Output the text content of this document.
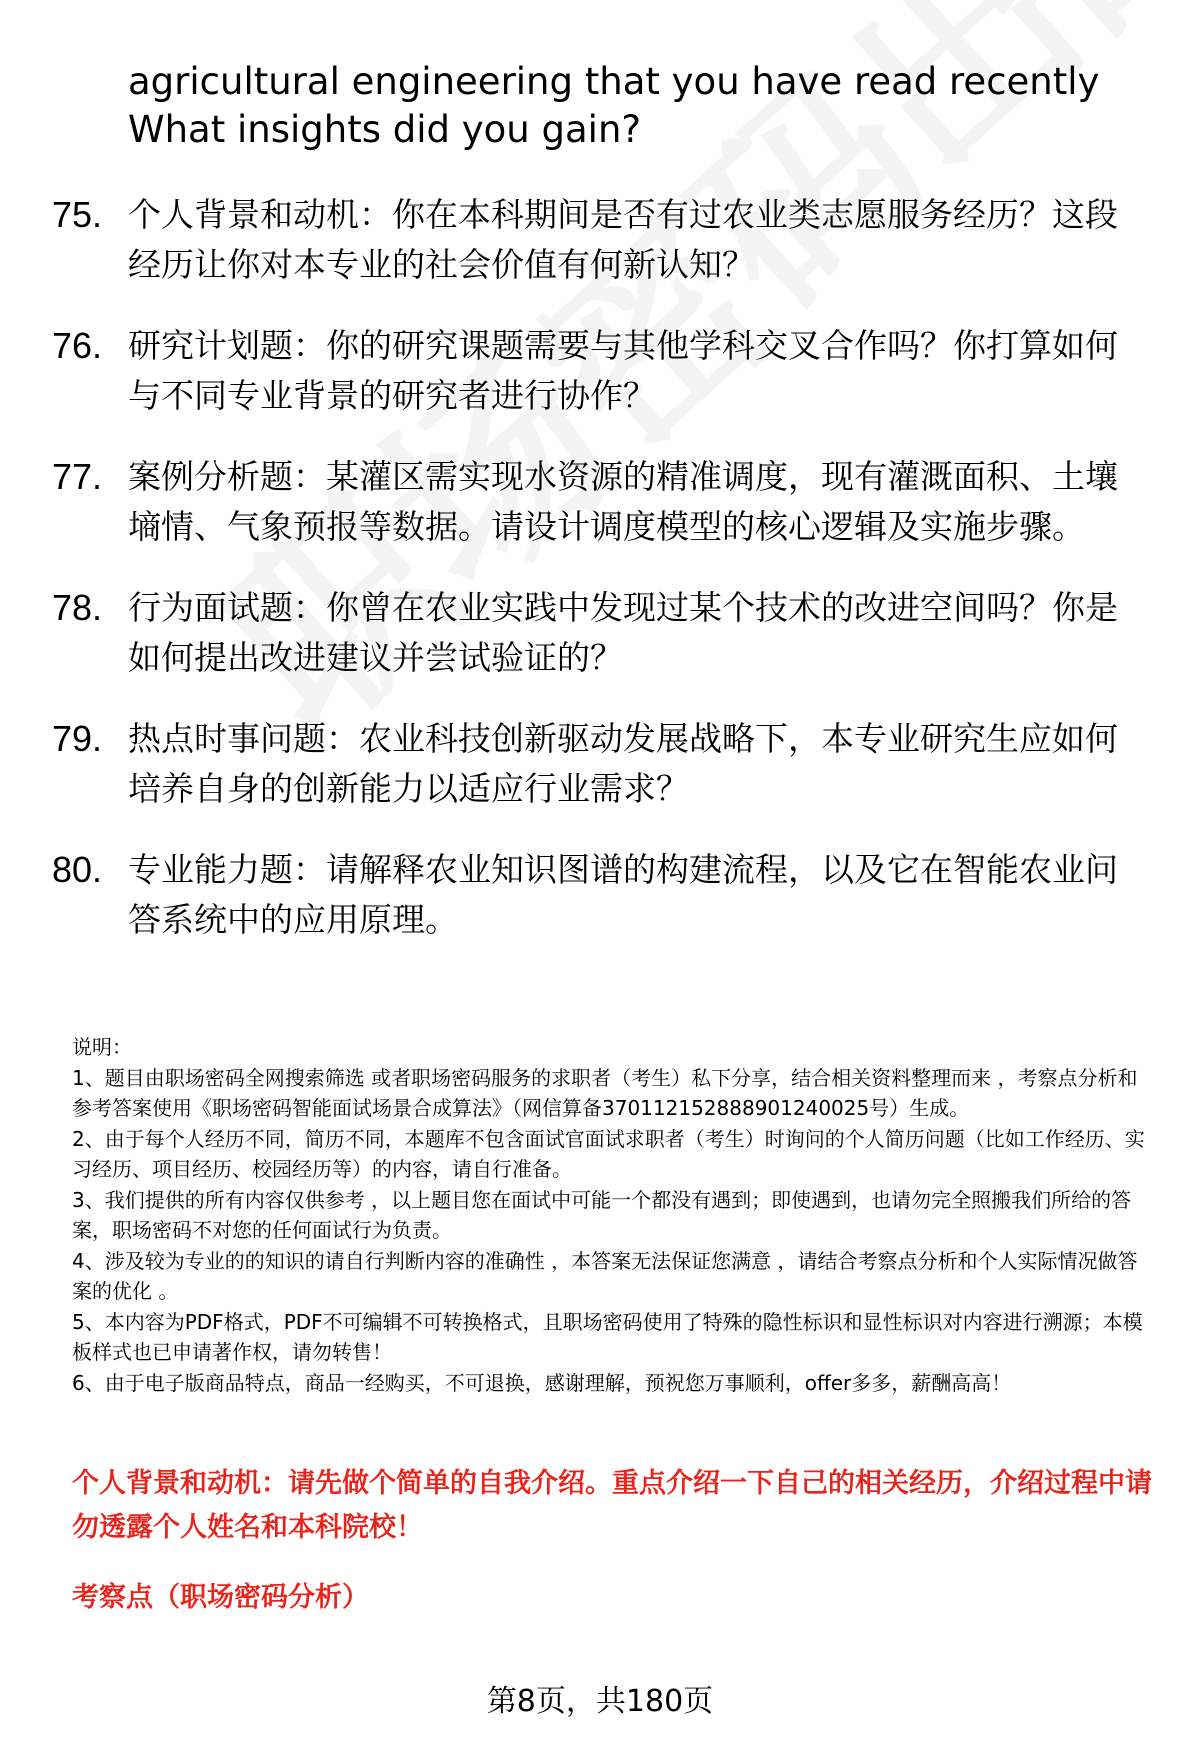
agricultural engineering that you have read recently What insights did you gain?
75. 个人背景和动机：你在本科期间是否有过农业类志愿服务经历？这段经历让你对本专业的社会价值有何新认知？
76. 研究计划题：你的研究课题需要与其他学科交叉合作吗？你打算如何与不同专业背景的研究者进行协作？
77. 案例分析题：某灌区需实现水资源的精准调度，现有灌溉面积、土壤墒情、气象预报等数据。请设计调度模型的核心逻辑及实施步骤。
78. 行为面试题：你曾在农业实践中发现过某个技术的改进空间吗？你是如何提出改进建议并尝试验证的？
79. 热点时事问题：农业科技创新驱动发展战略下，本专业研究生应如何培养自身的创新能力以适应行业需求？
80. 专业能力题：请解释农业知识图谱的构建流程，以及它在智能农业问答系统中的应用原理。

说明：

1、题目由职场密码全网搜索筛选 或者职场密码服务的求职者（考生）私下分享，结合相关资料整理而来 ，考察点分析和参考答案使用《职场密码智能面试场景合成算法》（网信算备370112152888901240025号）生成。

2、由于每个人经历不同，简历不同，本题库不包含面试官面试求职者（考生）时询问的个人简历问题（比如工作经历、实习经历、项目经历、校园经历等）的内容，请自行准备。

3、我们提供的所有内容仅供参考 ，以上题目您在面试中可能一个都没有遇到；即使遇到，也请勿完全照搬我们所给的答案，职场密码不对您的任何面试行为负责。

4、涉及较为专业的的知识的请自行判断内容的准确性 ，本答案无法保证您满意 ，请结合考察点分析和个人实际情况做答案的优化 。

5、本内容为PDF格式，PDF不可编辑不可转换格式，且职场密码使用了特殊的隐性标识和显性标识对内容进行溯源；本模板样式也已申请著作权，请勿转售！

6、由于电子版商品特点，商品一经购买，不可退换，感谢理解，预祝您万事顺利，offer多多，薪酬高高！

个人背景和动机：请先做个简单的自我介绍。重点介绍一下自己的相关经历，介绍过程中请勿透露个人姓名和本科院校！
考察点（职场密码分析）
第8页，共180页
